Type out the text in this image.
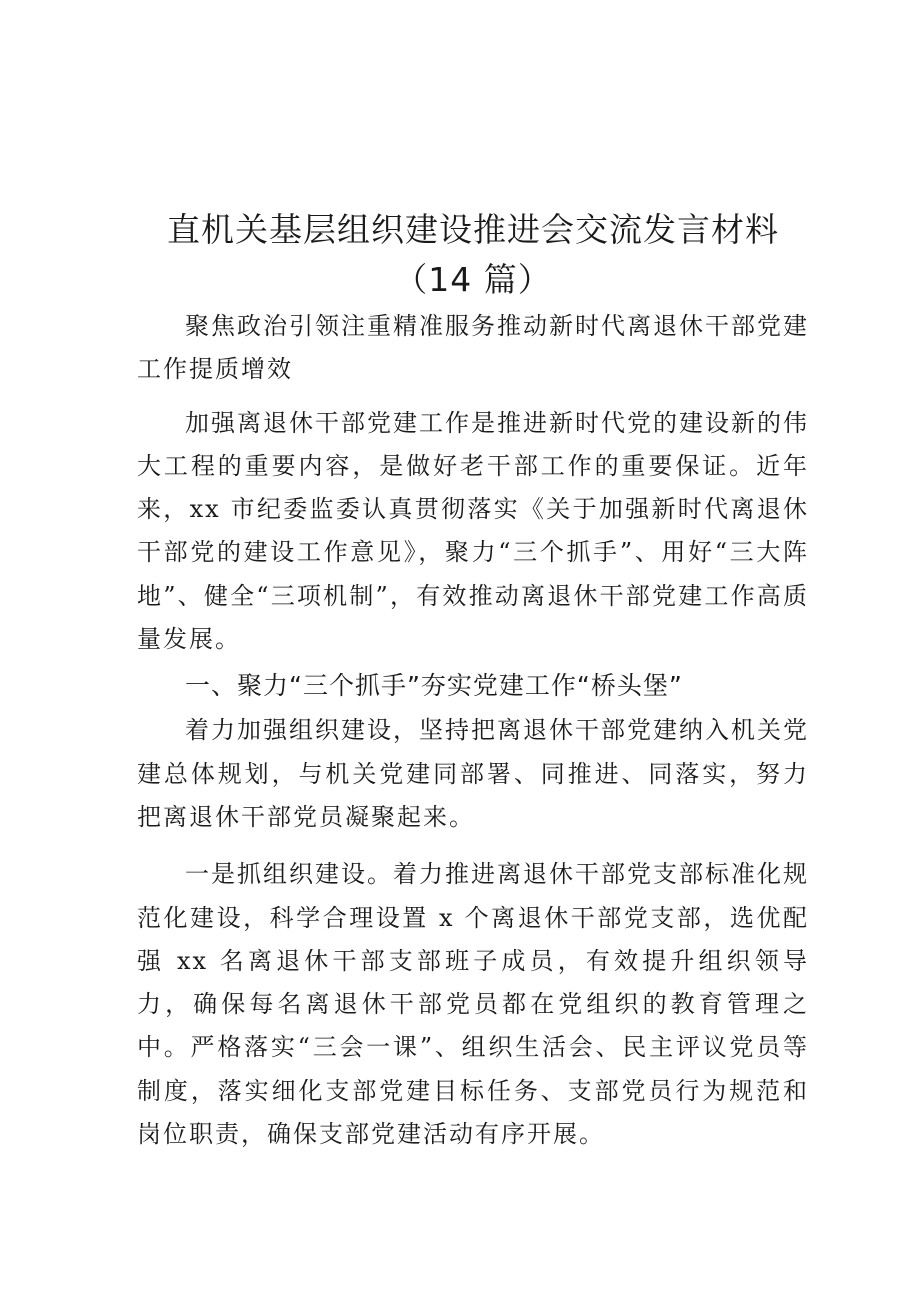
直机关基层组织建设推进会交流发言材料
（14 篇）

聚焦政治引领注重精准服务推动新时代离退休干部党建工作提质增效

加强离退休干部党建工作是推进新时代党的建设新的伟大工程的重要内容，是做好老干部工作的重要保证。近年来，xx 市纪委监委认真贯彻落实《关于加强新时代离退休干部党的建设工作意见》，聚力“三个抓手”、用好“三大阵地”、健全“三项机制”，有效推动离退休干部党建工作高质量发展。

一、聚力“三个抓手”夯实党建工作“桥头堡”

着力加强组织建设，坚持把离退休干部党建纳入机关党建总体规划，与机关党建同部署、同推进、同落实，努力把离退休干部党员凝聚起来。

一是抓组织建设。着力推进离退休干部党支部标准化规范化建设，科学合理设置 x 个离退休干部党支部，选优配强 xx 名离退休干部支部班子成员，有效提升组织领导力，确保每名离退休干部党员都在党组织的教育管理之中。严格落实“三会一课”、组织生活会、民主评议党员等制度，落实细化支部党建目标任务、支部党员行为规范和岗位职责，确保支部党建活动有序开展。
